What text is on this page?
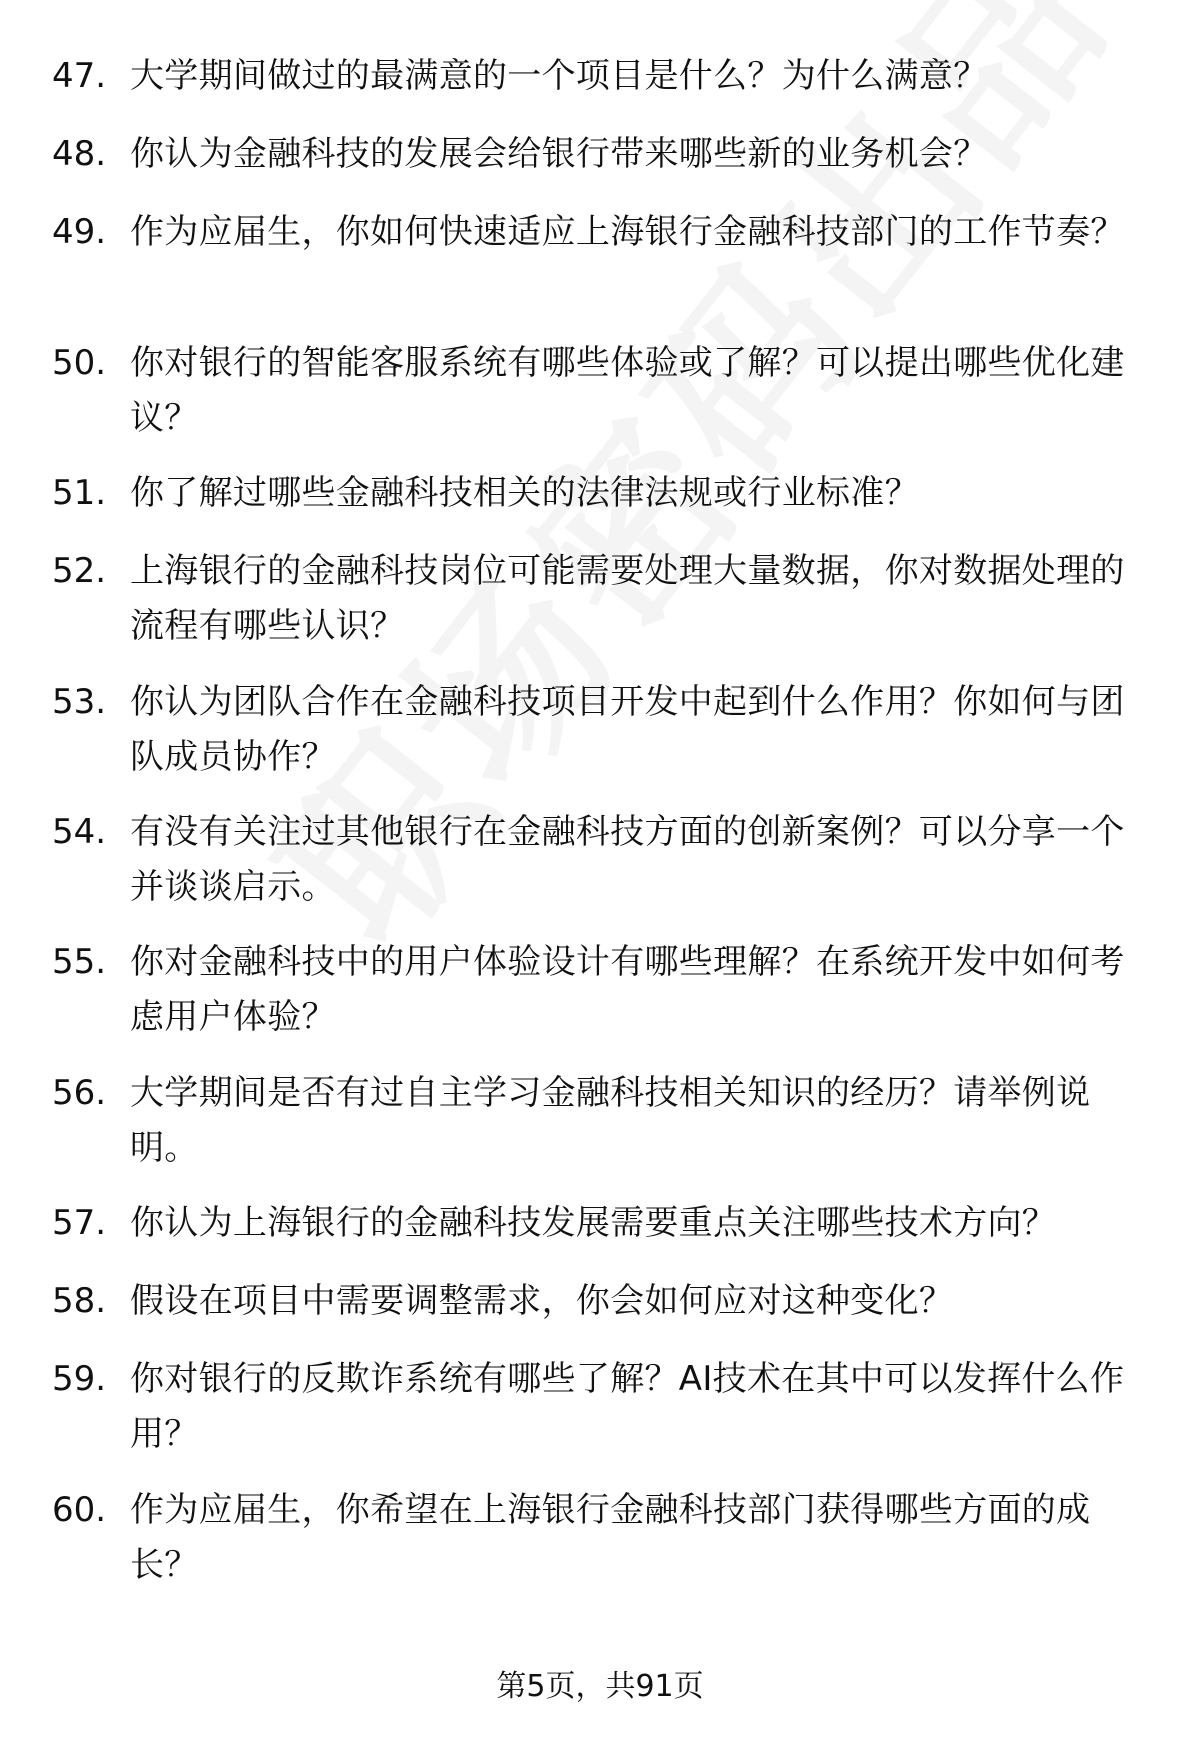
47. 大学期间做过的最满意的一个项目是什么？为什么满意？
48. 你认为金融科技的发展会给银行带来哪些新的业务机会？
49. 作为应届生，你如何快速适应上海银行金融科技部门的工作节奏？
50. 你对银行的智能客服系统有哪些体验或了解？可以提出哪些优化建议？
51. 你了解过哪些金融科技相关的法律法规或行业标准？
52. 上海银行的金融科技岗位可能需要处理大量数据，你对数据处理的流程有哪些认识？
53. 你认为团队合作在金融科技项目开发中起到什么作用？你如何与团队成员协作？
54. 有没有关注过其他银行在金融科技方面的创新案例？可以分享一个并谈谈启示。
55. 你对金融科技中的用户体验设计有哪些理解？在系统开发中如何考虑用户体验？
56. 大学期间是否有过自主学习金融科技相关知识的经历？请举例说明。
57. 你认为上海银行的金融科技发展需要重点关注哪些技术方向？
58. 假设在项目中需要调整需求，你会如何应对这种变化？
59. 你对银行的反欺诈系统有哪些了解？AI技术在其中可以发挥什么作用？
60. 作为应届生，你希望在上海银行金融科技部门获得哪些方面的成长？
第5页，共91页
